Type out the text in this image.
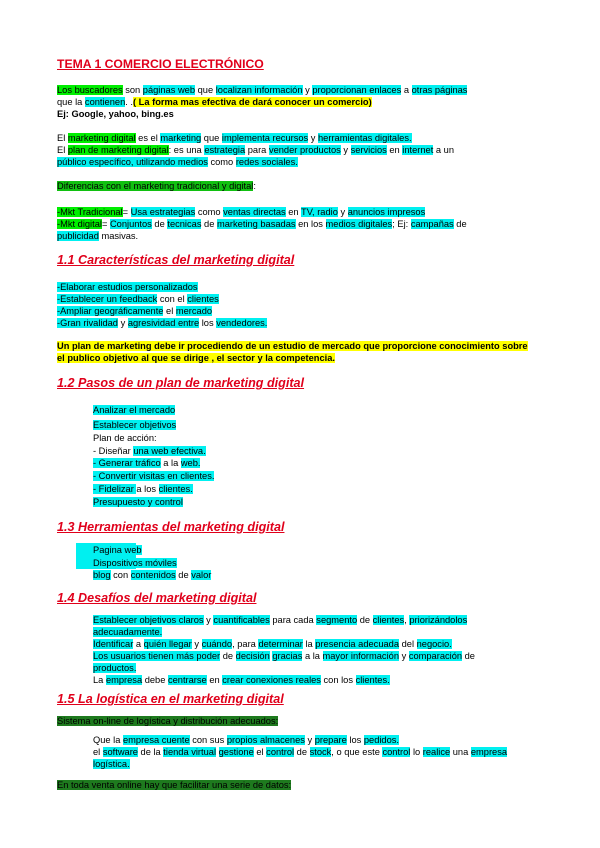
TEMA 1 COMERCIO ELECTRÓNICO
Los buscadores son páginas web que localizan información y proporcionan enlaces a otras páginas
que la contienen. .( La forma mas efectiva de dará conocer un comercio)
Ej: Google, yahoo, bing.es
El marketing digital es el marketing que implementa recursos y herramientas digitales.
El plan de marketing digital: es una estrategia para vender productos y servicios en internet a un
público específico, utilizando medios como redes sociales.
Diferencias con el marketing tradicional y digital:
-Mkt Tradicional= Usa estrategias como ventas directas en TV, radio y anuncios impresos
-Mkt digital= Conjuntos de tecnicas de marketing basadas en los medios digitales; Ej: campañas de
publicidad masivas.
1.1 Características del marketing digital
-Elaborar estudios personalizados
-Establecer un feedback con el clientes
-Ampliar geográficamente el mercado
-Gran rivalidad y agresividad entre los vendedores.
Un plan de marketing debe ir procediendo de un estudio de mercado que proporcione conocimiento sobre
el publico objetivo al que se dirige , el sector y la competencia.
1.2 Pasos de un plan de marketing digital
Analizar el mercado
Establecer objetivos
Plan de acción:
- Diseñar una web efectiva.
- Generar tráfico a la web.
- Convertir visitas en clientes.
- Fidelizar a los clientes.
Presupuesto y control
1.3 Herramientas del marketing digital
Pagina web
Dispositivos móviles
blog con contenidos de valor
1.4 Desafíos del marketing digital
Establecer objetivos claros y cuantificables para cada segmento de clientes, priorizándolos
adecuadamente.
Identificar a quién llegar y cuándo, para determinar la presencia adecuada del negocio.
Los usuarios tienen más poder de decisión gracias a la mayor información y comparación de
productos.
La empresa debe centrarse en crear conexiones reales con los clientes.
1.5 La logística en el marketing digital
Sistema on-line de logística y distribución adecuados:
Que la empresa cuente con sus propios almacenes y prepare los pedidos.
el software de la tienda virtual gestione el control de stock, o que este control lo realice una empresa
logística.
En toda venta online hay que facilitar una serie de datos:
